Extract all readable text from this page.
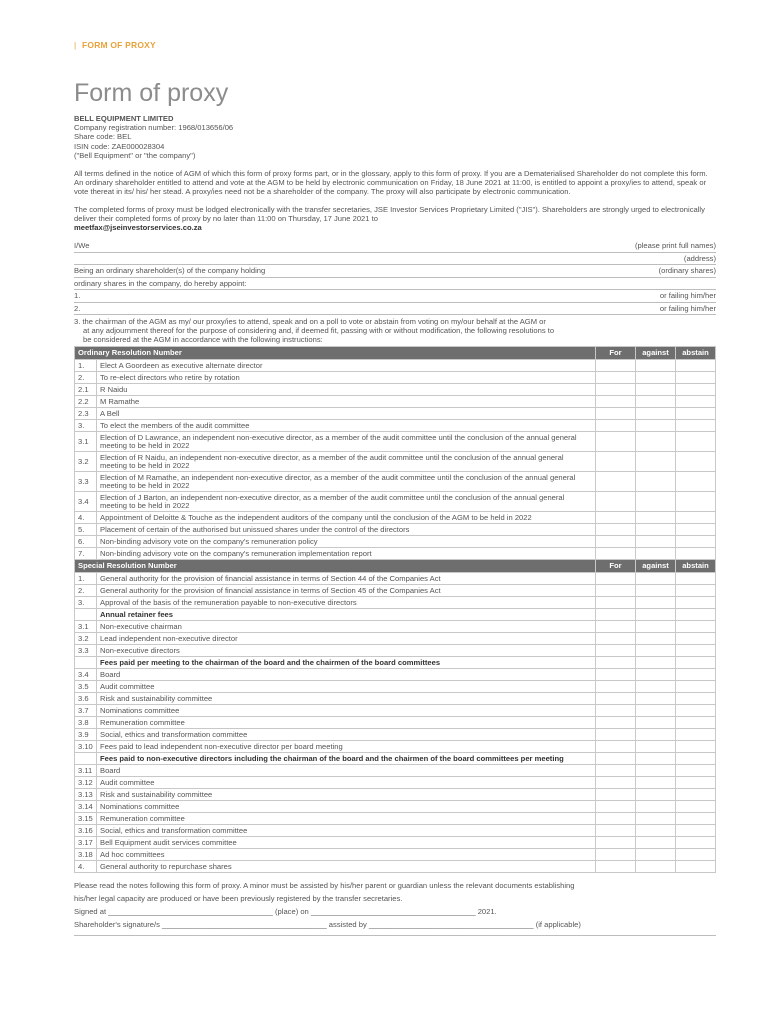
| FORM OF PROXY
Form of proxy
BELL EQUIPMENT LIMITED
Company registration number: 1968/013656/06
Share code: BEL
ISIN code: ZAE000028304
("Bell Equipment" or "the company")
All terms defined in the notice of AGM of which this form of proxy forms part, or in the glossary, apply to this form of proxy. If you are a Dematerialised Shareholder do not complete this form.
An ordinary shareholder entitled to attend and vote at the AGM to be held by electronic communication on Friday, 18 June 2021 at 11:00, is entitled to appoint a proxy/ies to attend, speak or vote thereat in its/ his/ her stead. A proxy/ies need not be a shareholder of the company. The proxy will also participate by electronic communication.
The completed forms of proxy must be lodged electronically with the transfer secretaries, JSE Investor Services Proprietary Limited ("JIS"). Shareholders are strongly urged to electronically deliver their completed forms of proxy by no later than 11:00 on Thursday, 17 June 2021 to
meetfax@jseinvestorservices.co.za
I/We	(please print full names)
(address)
Being an ordinary shareholder(s) of the company holding	(ordinary shares)
ordinary shares in the company, do hereby appoint:
1.	or failing him/her
2.	or failing him/her
3. the chairman of the AGM as my/ our proxy/ies to attend, speak and on a poll to vote or abstain from voting on my/our behalf at the AGM or
at any adjournment thereof for the purpose of considering and, if deemed fit, passing with or without modification, the following resolutions to
be considered at the AGM in accordance with the following instructions:
Ordinary Resolution Number		For	against	abstain
1.	Elect A Goordeen as executive alternate director			
2.	To re-elect directors who retire by rotation			
2.1	R Naidu			
2.2	M Ramathe			
2.3	A Bell			
3.	To elect the members of the audit committee			
3.1	Election of D Lawrance, an independent non-executive director, as a member of the audit committee until the conclusion of the annual general meeting to be held in 2022			
3.2	Election of R Naidu, an independent non-executive director, as a member of the audit committee until the conclusion of the annual general meeting to be held in 2022			
3.3	Election of M Ramathe, an independent non-executive director, as a member of the audit committee until the conclusion of the annual general meeting to be held in 2022			
3.4	Election of J Barton, an independent non-executive director, as a member of the audit committee until the conclusion of the annual general meeting to be held in 2022			
4.	Appointment of Deloitte & Touche as the independent auditors of the company until the conclusion of the AGM to be held in 2022			
5.	Placement of certain of the authorised but unissued shares under the control of the directors			
6.	Non-binding advisory vote on the company's remuneration policy			
7.	Non-binding advisory vote on the company's remuneration implementation report			
Special Resolution Number		For	against	abstain
1.	General authority for the provision of financial assistance in terms of Section 44 of the Companies Act			
2.	General authority for the provision of financial assistance in terms of Section 45 of the Companies Act			
3.	Approval of the basis of the remuneration payable to non-executive directors			
	Annual retainer fees			
3.1	Non-executive chairman			
3.2	Lead independent non-executive director			
3.3	Non-executive directors			
	Fees paid per meeting to the chairman of the board and the chairmen of the board committees			
3.4	Board			
3.5	Audit committee			
3.6	Risk and sustainability committee			
3.7	Nominations committee			
3.8	Remuneration committee			
3.9	Social, ethics and transformation committee			
3.10	Fees paid to lead independent non-executive director per board meeting			
	Fees paid to non-executive directors including the chairman of the board and the chairmen of the board committees per meeting			
3.11	Board			
3.12	Audit committee			
3.13	Risk and sustainability committee			
3.14	Nominations committee			
3.15	Remuneration committee			
3.16	Social, ethics and transformation committee			
3.17	Bell Equipment audit services committee			
3.18	Ad hoc committees			
4.	General authority to repurchase shares			
Please read the notes following this form of proxy. A minor must be assisted by his/her parent or guardian unless the relevant documents establishing
his/her legal capacity are produced or have been previously registered by the transfer secretaries.
Signed at _______________________________________ (place) on _______________________________________ 2021.
Shareholder's signature/s _______________________________________ assisted by _______________________________________ (if applicable)
